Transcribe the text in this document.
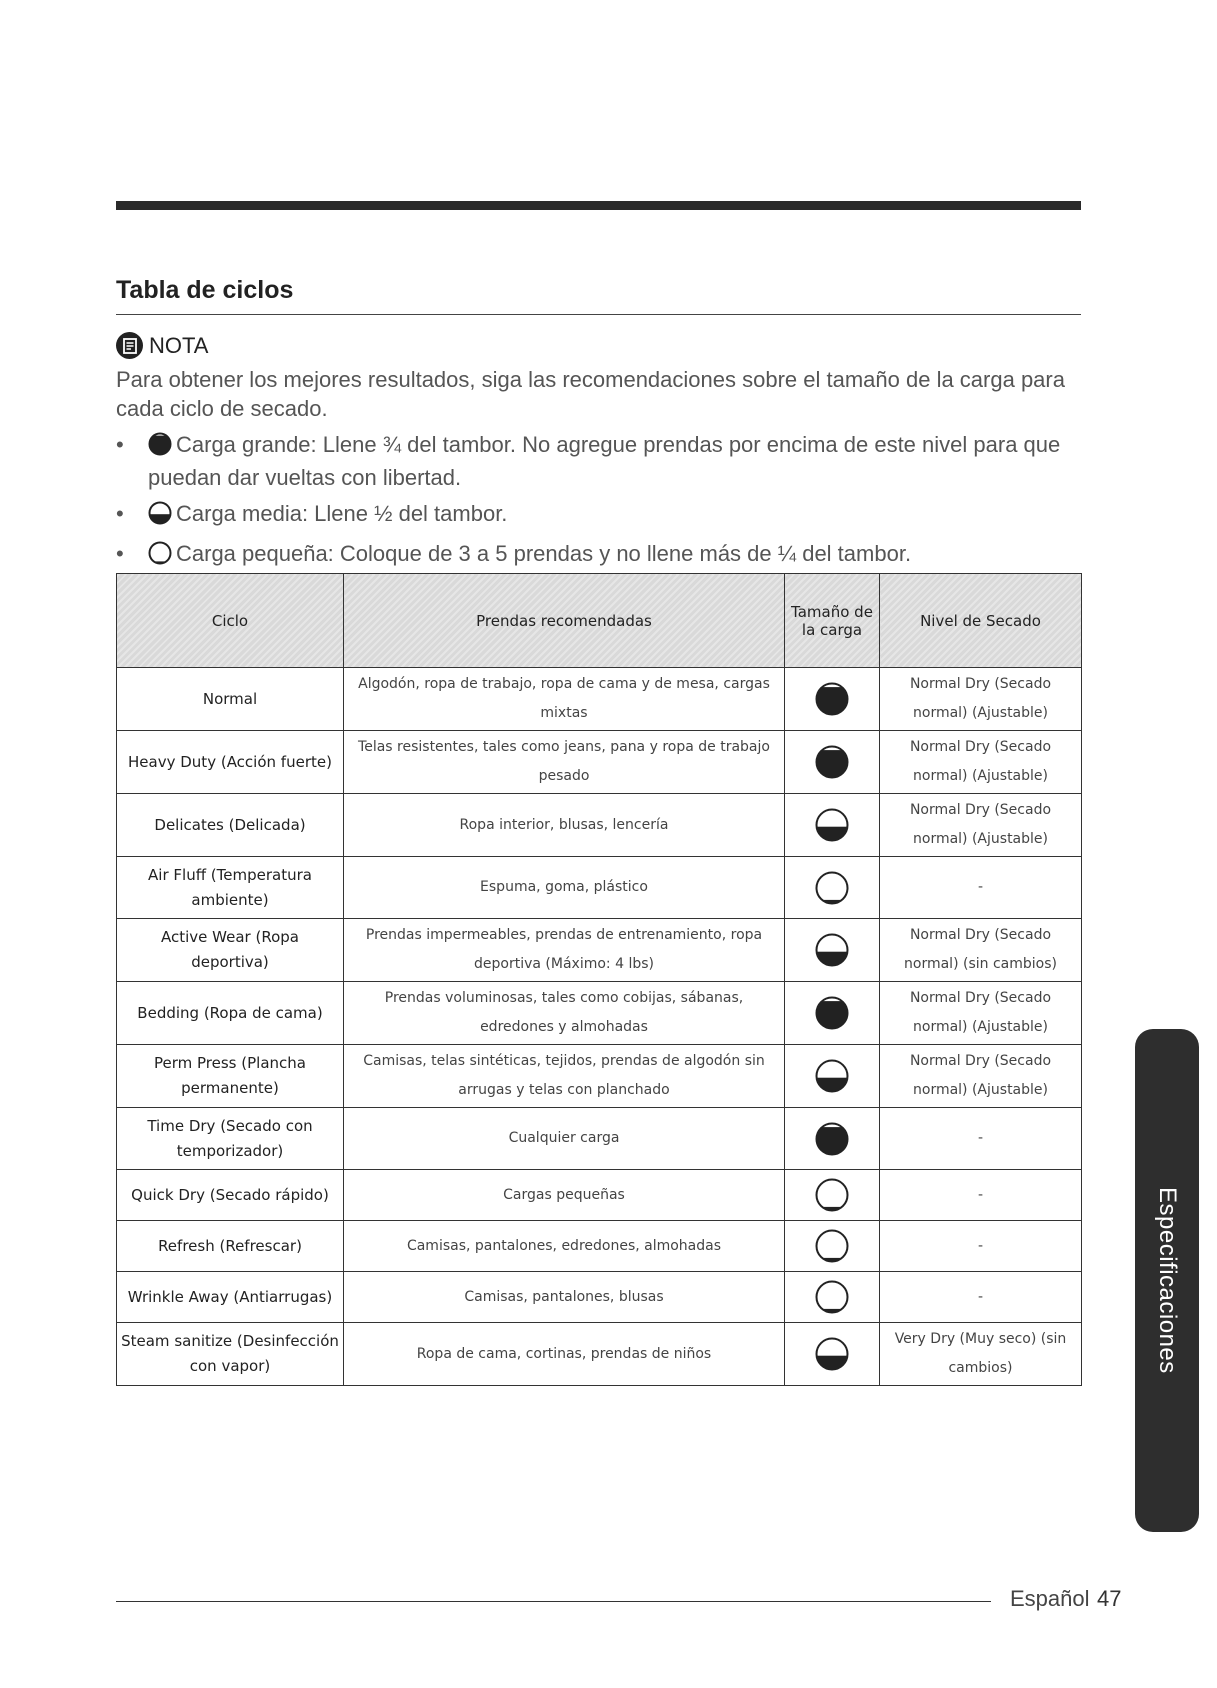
Tabla de ciclos
NOTA

Para obtener los mejores resultados, siga las recomendaciones sobre el tamaño de la carga para cada ciclo de secado.

• Carga grande: Llene ¾ del tambor. No agregue prendas por encima de este nivel para que puedan dar vueltas con libertad.
• Carga media: Llene ½ del tambor.
• Carga pequeña: Coloque de 3 a 5 prendas y no llene más de ¼ del tambor.
Ciclo	Prendas recomendadas	Tamaño de la carga	Nivel de Secado
Normal	Algodón, ropa de trabajo, ropa de cama y de mesa, cargas mixtas		Normal Dry (Secado normal) (Ajustable)
Heavy Duty (Acción fuerte)	Telas resistentes, tales como jeans, pana y ropa de trabajo pesado		Normal Dry (Secado normal) (Ajustable)
Delicates (Delicada)	Ropa interior, blusas, lencería		Normal Dry (Secado normal) (Ajustable)
Air Fluff (Temperatura ambiente)	Espuma, goma, plástico		-
Active Wear (Ropa deportiva)	Prendas impermeables, prendas de entrenamiento, ropa deportiva (Máximo: 4 lbs)		Normal Dry (Secado normal) (sin cambios)
Bedding (Ropa de cama)	Prendas voluminosas, tales como cobijas, sábanas, edredones y almohadas		Normal Dry (Secado normal) (Ajustable)
Perm Press (Plancha permanente)	Camisas, telas sintéticas, tejidos, prendas de algodón sin arrugas y telas con planchado		Normal Dry (Secado normal) (Ajustable)
Time Dry (Secado con temporizador)	Cualquier carga		-
Quick Dry (Secado rápido)	Cargas pequeñas		-
Refresh (Refrescar)	Camisas, pantalones, edredones, almohadas		-
Wrinkle Away (Antiarrugas)	Camisas, pantalones, blusas		-
Steam sanitize (Desinfección con vapor)	Ropa de cama, cortinas, prendas de niños		Very Dry (Muy seco) (sin cambios)	Especificaciones
Español 47
